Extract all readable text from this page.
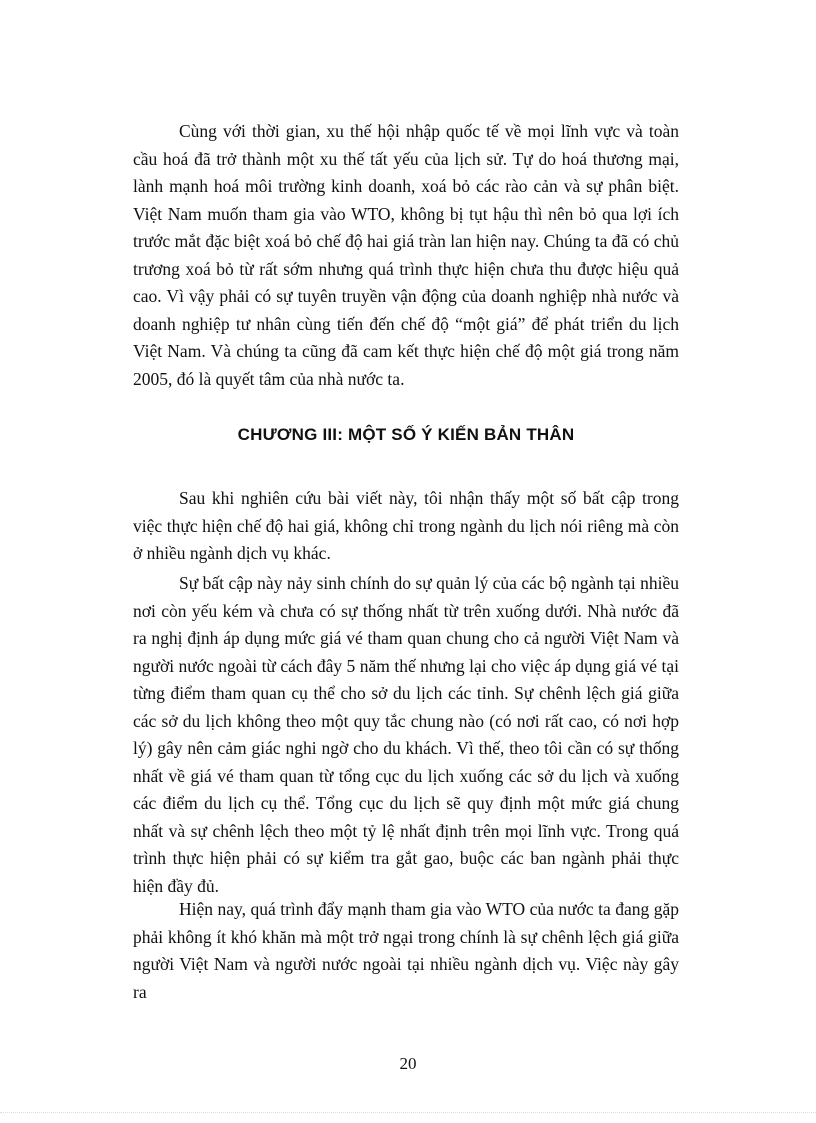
Cùng với thời gian, xu thế hội nhập quốc tế về mọi lĩnh vực và toàn cầu hoá đã trở thành một xu thế tất yếu của lịch sử. Tự do hoá thương mại, lành mạnh hoá môi trường kinh doanh, xoá bỏ các rào cản và sự phân biệt. Việt Nam muốn tham gia vào WTO, không bị tụt hậu thì nên bỏ qua lợi ích trước mắt đặc biệt xoá bỏ chế độ hai giá tràn lan hiện nay. Chúng ta đã có chủ trương xoá bỏ từ rất sớm nhưng quá trình thực hiện chưa thu được hiệu quả cao. Vì vậy phải có sự tuyên truyền vận động của doanh nghiệp nhà nước và doanh nghiệp tư nhân cùng tiến đến chế độ “một giá” để phát triển du lịch Việt Nam. Và chúng ta cũng đã cam kết thực hiện chế độ một giá trong năm 2005, đó là quyết tâm của nhà nước ta.

CHƯƠNG III: MỘT SỐ Ý KIẾN BẢN THÂN

Sau khi nghiên cứu bài viết này, tôi nhận thấy một số bất cập trong việc thực hiện chế độ hai giá, không chỉ trong ngành du lịch nói riêng mà còn ở nhiều ngành dịch vụ khác.

Sự bất cập này nảy sinh chính do sự quản lý của các bộ ngành tại nhiều nơi còn yếu kém và chưa có sự thống nhất từ trên xuống dưới. Nhà nước đã ra nghị định áp dụng mức giá vé tham quan chung cho cả người Việt Nam và người nước ngoài từ cách đây 5 năm thế nhưng lại cho việc áp dụng giá vé tại từng điểm tham quan cụ thể cho sở du lịch các tỉnh. Sự chênh lệch giá giữa các sở du lịch không theo một quy tắc chung nào (có nơi rất cao, có nơi hợp lý) gây nên cảm giác nghi ngờ cho du khách. Vì thế, theo tôi cần có sự thống nhất về giá vé tham quan từ tổng cục du lịch xuống các sở du lịch và xuống các điểm du lịch cụ thể. Tổng cục du lịch sẽ quy định một mức giá chung nhất và sự chênh lệch theo một tỷ lệ nhất định trên mọi lĩnh vực. Trong quá trình thực hiện phải có sự kiểm tra gắt gao, buộc các ban ngành phải thực hiện đầy đủ.

Hiện nay, quá trình đẩy mạnh tham gia vào WTO của nước ta đang gặp phải không ít khó khăn mà một trở ngại trong chính là sự chênh lệch giá giữa người Việt Nam và người nước ngoài tại nhiều ngành dịch vụ. Việc này gây ra

20
